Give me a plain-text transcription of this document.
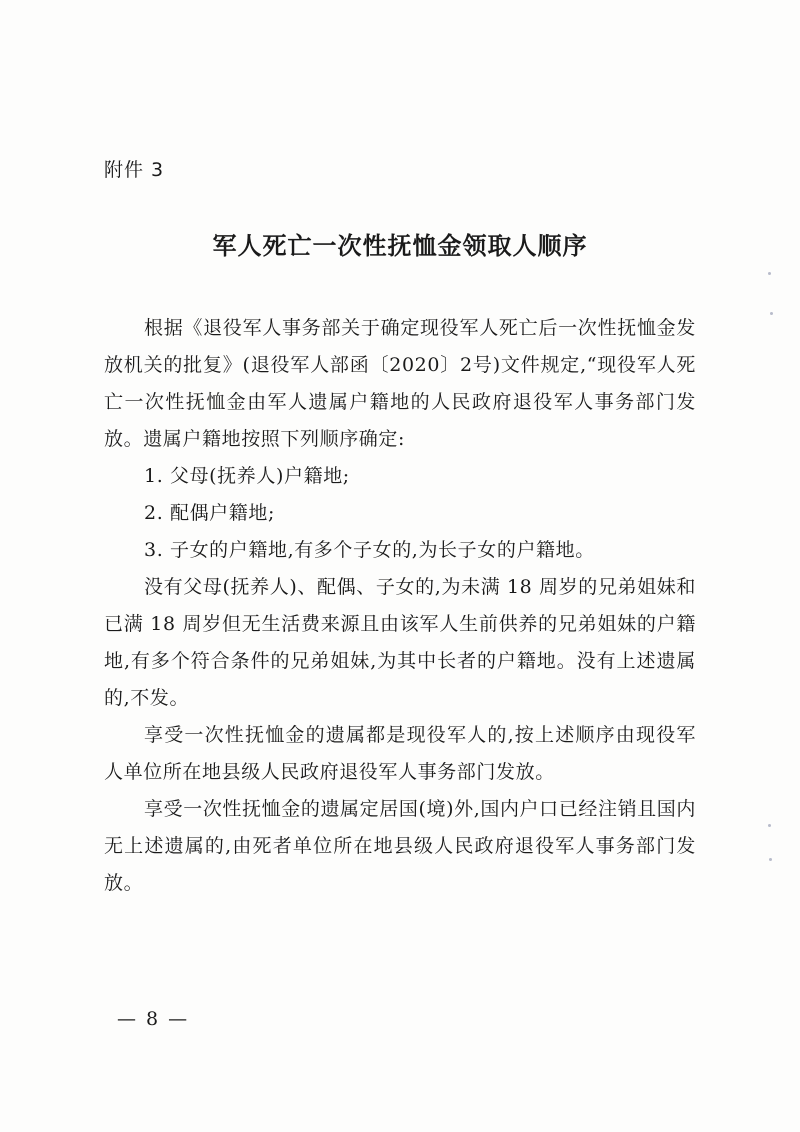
附件 3
军人死亡一次性抚恤金领取人顺序

根据《退役军人事务部关于确定现役军人死亡后一次性抚恤金发放机关的批复》(退役军人部函〔2020〕2号)文件规定,“现役军人死亡一次性抚恤金由军人遗属户籍地的人民政府退役军人事务部门发放。遗属户籍地按照下列顺序确定:

1. 父母(抚养人)户籍地;

2. 配偶户籍地;

3. 子女的户籍地,有多个子女的,为长子女的户籍地。

没有父母(抚养人)、配偶、子女的,为未满 18 周岁的兄弟姐妹和已满 18 周岁但无生活费来源且由该军人生前供养的兄弟姐妹的户籍地,有多个符合条件的兄弟姐妹,为其中长者的户籍地。没有上述遗属的,不发。

享受一次性抚恤金的遗属都是现役军人的,按上述顺序由现役军人单位所在地县级人民政府退役军人事务部门发放。

享受一次性抚恤金的遗属定居国(境)外,国内户口已经注销且国内无上述遗属的,由死者单位所在地县级人民政府退役军人事务部门发放。

— 8 —
